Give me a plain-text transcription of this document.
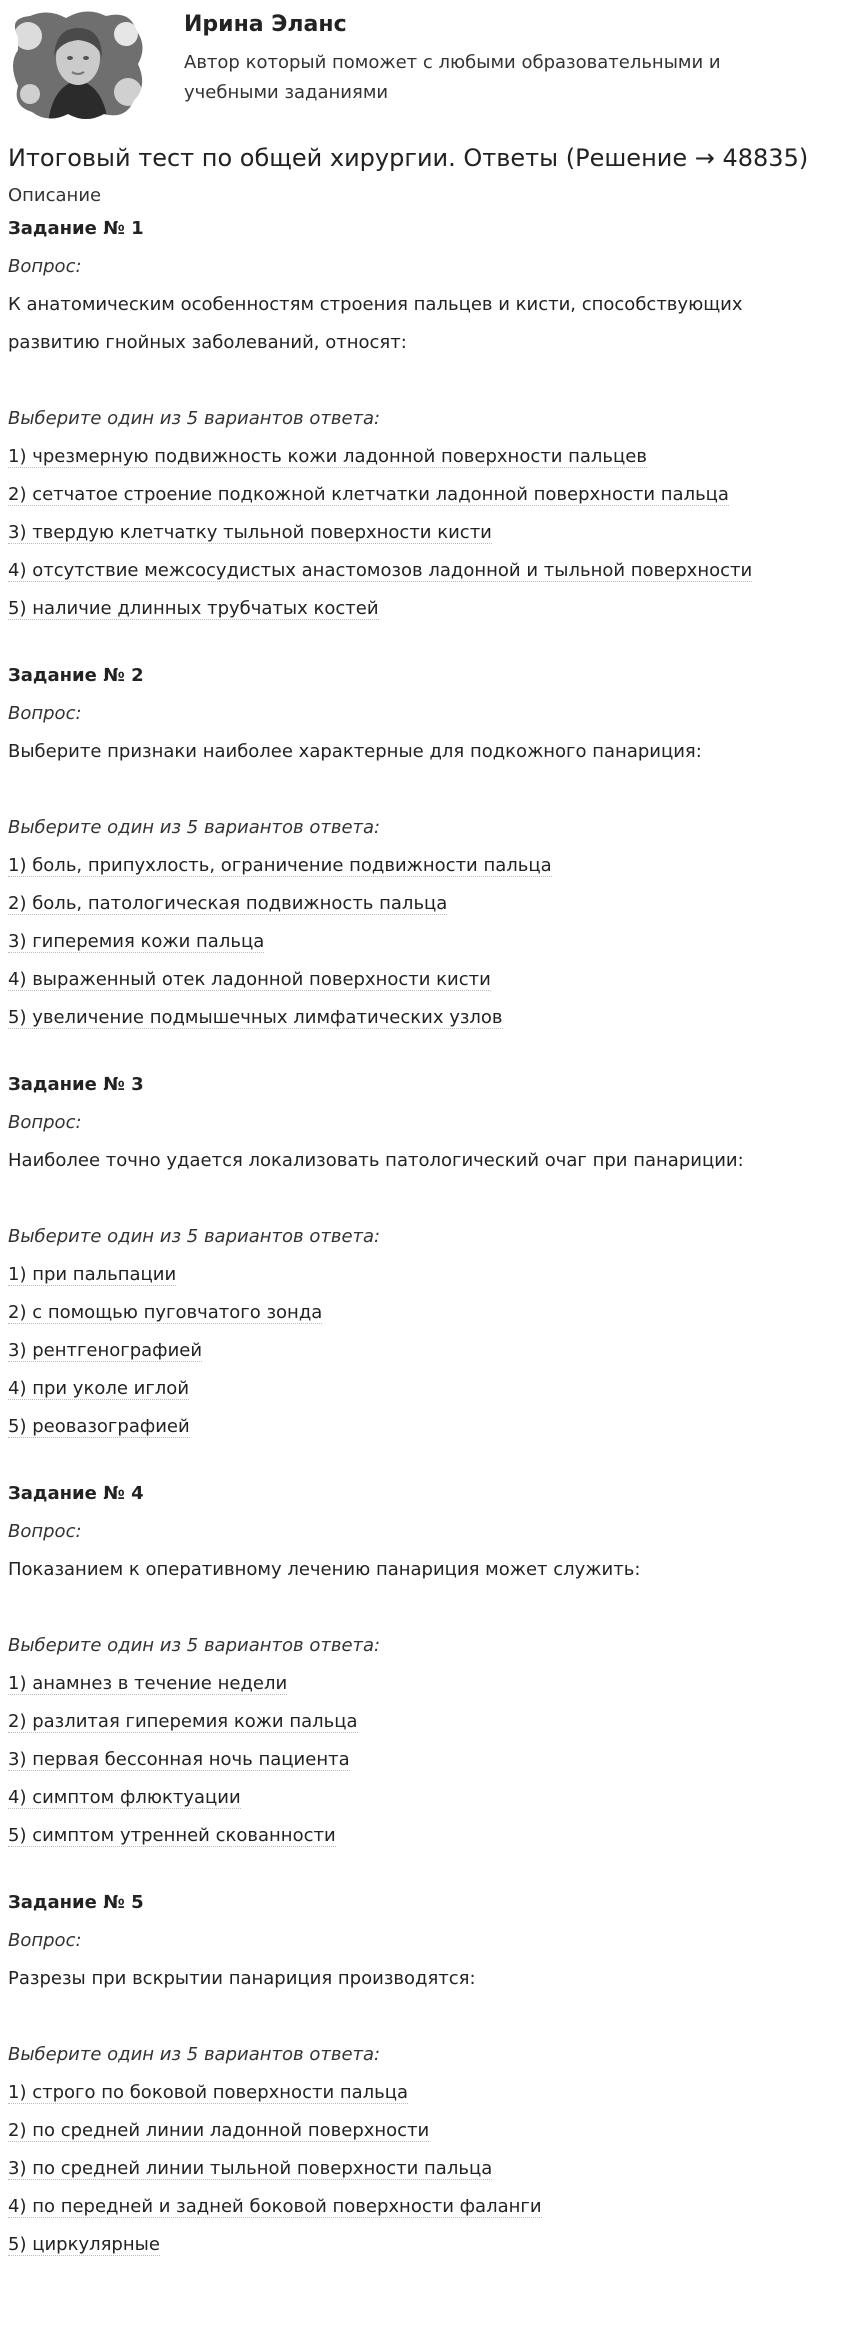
Ирина Эланс
Автор который поможет с любыми образовательными и учебными заданиями
Итоговый тест по общей хирургии. Ответы (Решение → 48835)
Описание
Задание № 1
Вопрос:
К анатомическим особенностям строения пальцев и кисти, способствующих развитию гнойных заболеваний, относят:
Выберите один из 5 вариантов ответа:
1) чрезмерную подвижность кожи ладонной поверхности пальцев
2) сетчатое строение подкожной клетчатки ладонной поверхности пальца
3) твердую клетчатку тыльной поверхности кисти
4) отсутствие межсосудистых анастомозов ладонной и тыльной поверхности
5) наличие длинных трубчатых костей
Задание № 2
Вопрос:
Выберите признаки наиболее характерные для подкожного панариция:
Выберите один из 5 вариантов ответа:
1) боль, припухлость, ограничение подвижности пальца
2) боль, патологическая подвижность пальца
3) гиперемия кожи пальца
4) выраженный отек ладонной поверхности кисти
5) увеличение подмышечных лимфатических узлов
Задание № 3
Вопрос:
Наиболее точно удается локализовать патологический очаг при панариции:
Выберите один из 5 вариантов ответа:
1) при пальпации
2) с помощью пуговчатого зонда
3) рентгенографией
4) при уколе иглой
5) реовазографией
Задание № 4
Вопрос:
Показанием к оперативному лечению панариция может служить:
Выберите один из 5 вариантов ответа:
1) анамнез в течение недели
2) разлитая гиперемия кожи пальца
3) первая бессонная ночь пациента
4) симптом флюктуации
5) симптом утренней скованности
Задание № 5
Вопрос:
Разрезы при вскрытии панариция производятся:
Выберите один из 5 вариантов ответа:
1) строго по боковой поверхности пальца
2) по средней линии ладонной поверхности
3) по средней линии тыльной поверхности пальца
4) по передней и задней боковой поверхности фаланги
5) циркулярные
